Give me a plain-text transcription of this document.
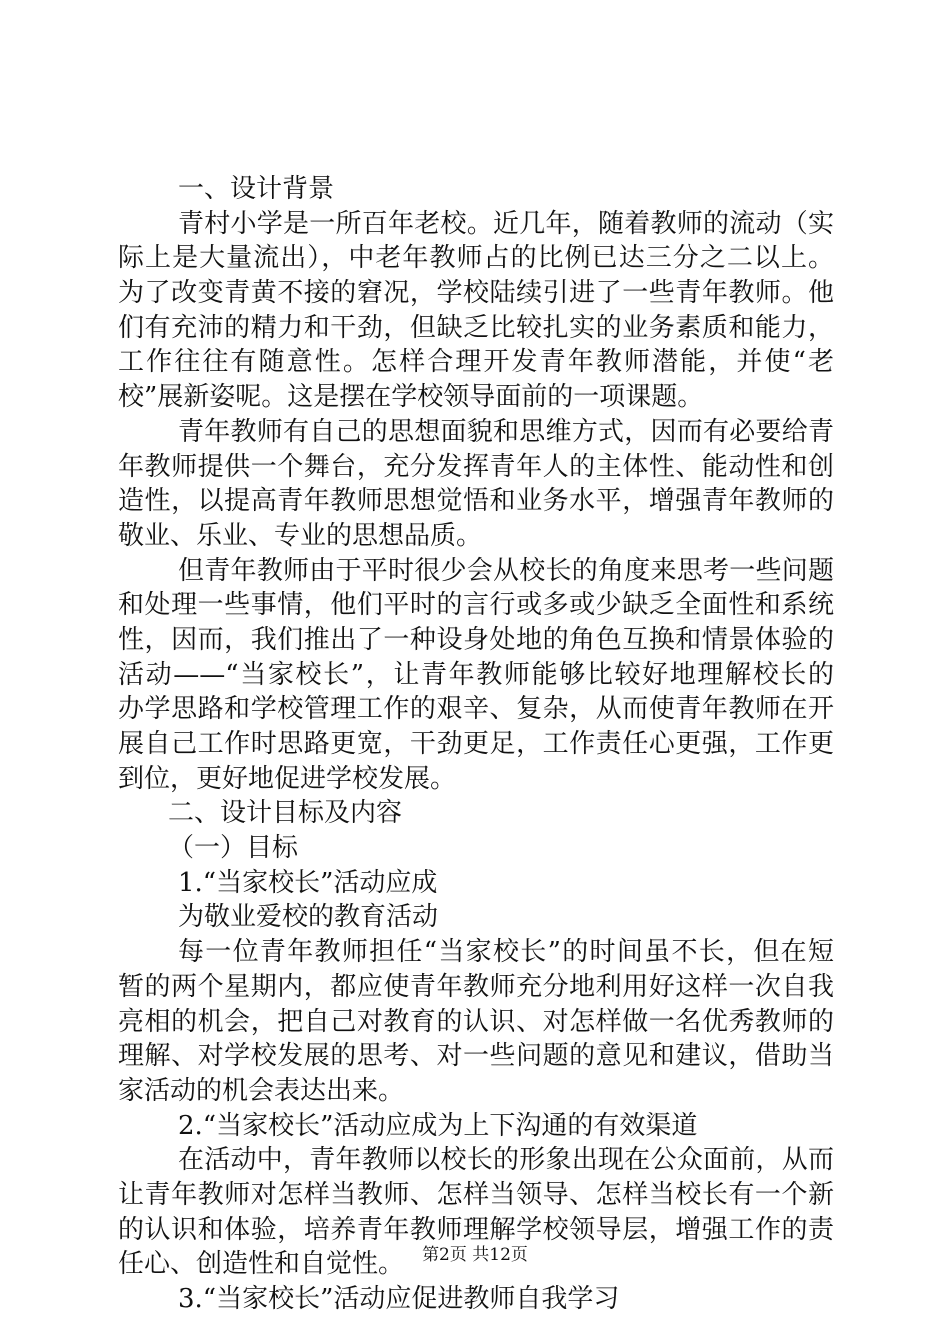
一、设计背景
青村小学是一所百年老校。近几年，随着教师的流动（实
际上是大量流出），中老年教师占的比例已达三分之二以上。
为了改变青黄不接的窘况，学校陆续引进了一些青年教师。他
们有充沛的精力和干劲，但缺乏比较扎实的业务素质和能力，
工作往往有随意性。怎样合理开发青年教师潜能，并使“老
校”展新姿呢。这是摆在学校领导面前的一项课题。
青年教师有自己的思想面貌和思维方式，因而有必要给青
年教师提供一个舞台，充分发挥青年人的主体性、能动性和创
造性，以提高青年教师思想觉悟和业务水平，增强青年教师的
敬业、乐业、专业的思想品质。
但青年教师由于平时很少会从校长的角度来思考一些问题
和处理一些事情，他们平时的言行或多或少缺乏全面性和系统
性，因而，我们推出了一种设身处地的角色互换和情景体验的
活动——“当家校长”，让青年教师能够比较好地理解校长的
办学思路和学校管理工作的艰辛、复杂，从而使青年教师在开
展自己工作时思路更宽，干劲更足，工作责任心更强，工作更
到位，更好地促进学校发展。
二、设计目标及内容
（一）目标
1.“当家校长”活动应成
为敬业爱校的教育活动
每一位青年教师担任“当家校长”的时间虽不长，但在短
暂的两个星期内，都应使青年教师充分地利用好这样一次自我
亮相的机会，把自己对教育的认识、对怎样做一名优秀教师的
理解、对学校发展的思考、对一些问题的意见和建议，借助当
家活动的机会表达出来。
2.“当家校长”活动应成为上下沟通的有效渠道
在活动中，青年教师以校长的形象出现在公众面前，从而
让青年教师对怎样当教师、怎样当领导、怎样当校长有一个新
的认识和体验，培养青年教师理解学校领导层，增强工作的责
任心、创造性和自觉性。
3.“当家校长”活动应促进教师自我学习
第2页 共12页
